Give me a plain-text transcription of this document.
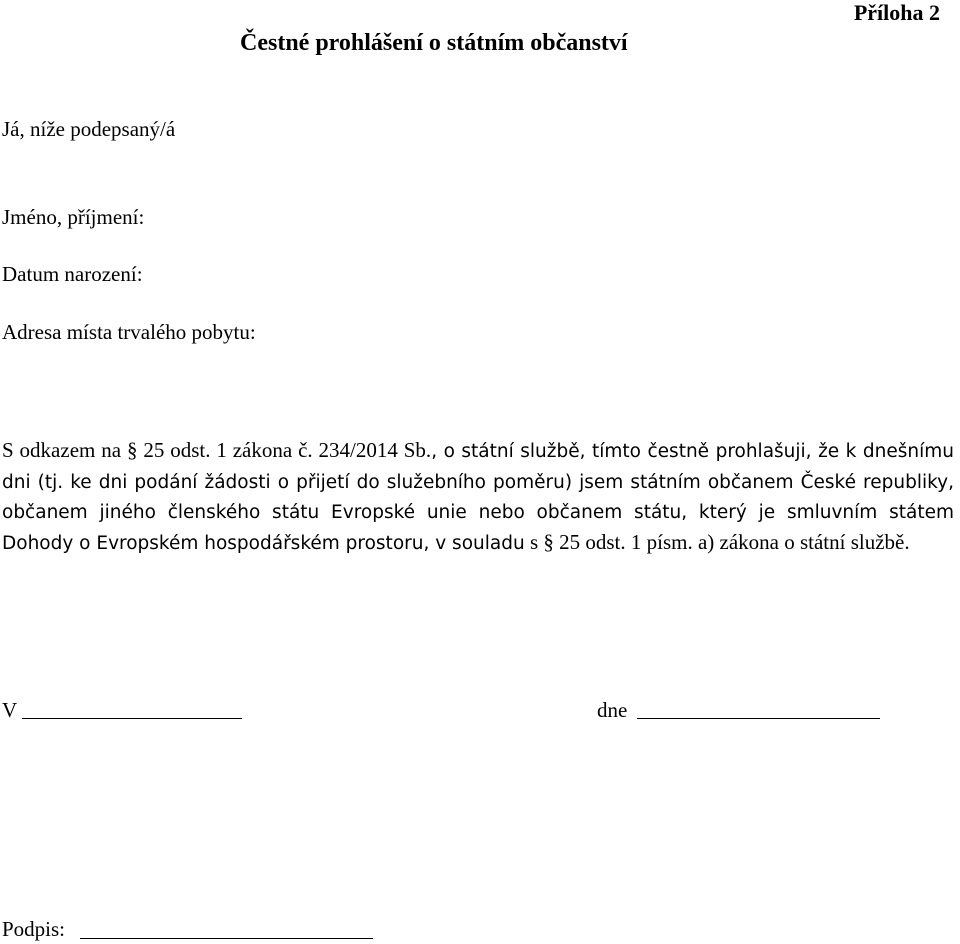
Příloha 2
Čestné prohlášení o státním občanství
Já, níže podepsaný/á
Jméno, příjmení:
Datum narození:
Adresa místa trvalého pobytu:
S odkazem na § 25 odst. 1 zákona č. 234/2014 Sb., o státní službě, tímto čestně prohlašuji, že k dnešnímu dni (tj. ke dni podání žádosti o přijetí do služebního poměru) jsem státním občanem České republiky, občanem jiného členského státu Evropské unie nebo občanem státu, který je smluvním státem Dohody o Evropském hospodářském prostoru, v souladu s § 25 odst. 1 písm. a) zákona o státní službě.
V	dne
Podpis:
